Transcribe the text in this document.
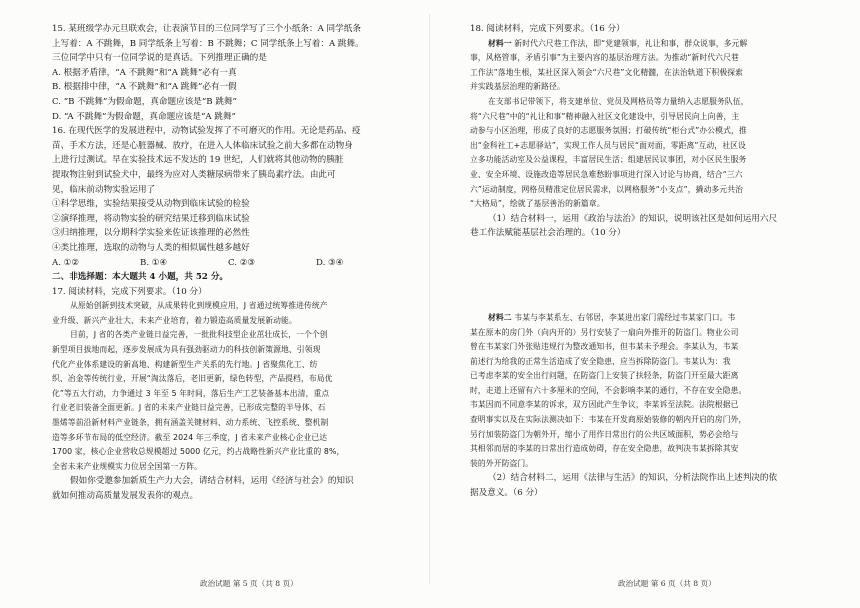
15. 某班级学办元旦联欢会，让表演节目的三位同学写了三个小纸条：A 同学纸条
上写着：A 不跳舞，B 同学纸条上写着：B 不跳舞；C 同学纸条上写着：A 跳舞。
三位同学中只有一位同学说的是真话。下列推理正确的是
A. 根据矛盾律，“A 不跳舞”和“A 跳舞”必有一真
B. 根据排中律，“A 不跳舞”和“A 跳舞”必有一假
C. “B 不跳舞”为假命题，真命题应该是“B 跳舞”
D. “A 不跳舞”为假命题，真命题应该是“A 跳舞”
16. 在现代医学的发展进程中，动物试验发挥了不可磨灭的作用。无论是药品、疫
苗、手术方法，还是心脏器械、放疗，在进入人体临床试验之前大多都在动物身
上进行过测试。早在实验技术远不发达的 19 世纪，人们就将其他动物的胰脏
提取物注射到试验犬中，最终为应对人类糖尿病带来了胰岛素疗法。由此可
见，临床前动物实验运用了
①科学思维，实验结果接受从动物到临床试验的检验
②演绎推理，将动物实验的研究结果迁移到临床试验
③归纳推理，以分期科学实验来佐证该推理的必然性
④类比推理，选取的动物与人类的相似属性越多越好
A. ①②	B. ①④	C. ②③	D. ③④
二、非选择题：本大题共 4 小题，共 52 分。
17. 阅读材料，完成下列要求。（10 分）
从原始创新到技术突破，从成果转化到规模应用，J 省通过统筹推进传统产
业升级、新兴产业壮大、未来产业培育，着力锻造高质量发展新动能。
目前，J 省的各类产业链日益完善，一批批科技型企业茁壮成长，一个个创
新型项目拔地而起，逐步发展成为具有强劲驱动力的科技创新策源地、引领现
代化产业体系建设的新高地、构建新型生产关系的先行地。J 省聚焦化工、纺
织、冶金等传统行业，开展“淘汰落后，老旧更新，绿色转型，产品提档，布局优
化”等五大行动，力争通过 3 年至 5 年时间，落后生产工艺装备基本出清，重点
行业老旧装备全面更新。J 省的未来产业链日益完善，已形成完整的半导体、石
墨烯等前沿新材料产业链条，拥有涵盖关键材料、动力系统、飞控系统、整机制
造等多环节布局的低空经济。截至 2024 年三季度，J 省未来产业核心企业已达
1700 家，核心企业营收总规模超过 5000 亿元，约占战略性新兴产业比重的 8%，
全省未来产业规模实力位居全国第一方阵。
假如你受邀参加新质生产力大会，请结合材料，运用《经济与社会》的知识
就如何推动高质量发展发表你的观点。
政治试题 第 5 页（共 8 页）
18. 阅读材料，完成下列要求。（16 分）
材料一 新时代六尺巷工作法，即“党建领事，礼让和事，群众说事，多元解
事，风格管事，矛盾引事”为主要内容的基层治理方法。为推动“新时代六尺巷
工作法”落地生根，某社区深入领会“六尺巷”文化精髓，在法治轨道下积极探索
并实践基层治理的新路径。
在支部书记带领下，将支建单位、党员及网格员等力量纳入志愿服务队伍，
将“六尺巷”中的“礼让和事”精神融入社区文化建设中，引导居民向上向善，主
动参与小区治理，形成了良好的志愿服务氛围；打破传统“柜台式”办公模式，推
出“金科社工+志愿驿站”，实现工作人员与居民“面对面，零距离”互动，社区设
立多功能活动室及公益课程，丰富居民生活；组建居民议事团，对小区民生服务
业、安全环境、设施改造等居民急难愁盼事项进行深入讨论与协商，结合“三六
六”运动制度，网格员精准定位居民需求，以网格服务“小支点”，撬动多元共治
“大格局”，绘就了基层善治的新篇章。
（1）结合材料一，运用《政治与法治》的知识，说明该社区是如何运用六尺
巷工作法赋能基层社会治理的。（10 分）
材料二 韦某与李某系左、右邻居，李某进出家门需经过韦某家门口。韦
某在原本的房门外（向内开的）另行安装了一扇向外推开的防盗门。物业公司
曾在韦某家门外张贴违规行为整改通知书，但韦某未予理会。李某认为，韦某
前述行为给我的正常生活造成了安全隐患，应当拆除防盗门。韦某认为：我
已考虑李某的安全出行问题，在防盗门上安装了扶轻条，防盗门开至最大距离
时，走道上还留有六十多厘米的空间，不会影响李某的通行，不存在安全隐患。
韦某因而不同意李某的诉求，双方因此产生争议，李某诉至法院。法院根据已
查明事实以及在实际法测决如下：韦某在开发商原始装修的朝内开启的房门外，
另行加装防盗门为朝外开，缩小了用作日常出行的公共区域面积，势必会给与
其相邻而居的李某的日常出行造成妨碍，存在安全隐患，故判决韦某拆除其安
装的外开防盗门。
（2）结合材料二，运用《法律与生活》的知识，分析法院作出上述判决的依
据及意义。（6 分）
政治试题 第 6 页（共 8 页）
